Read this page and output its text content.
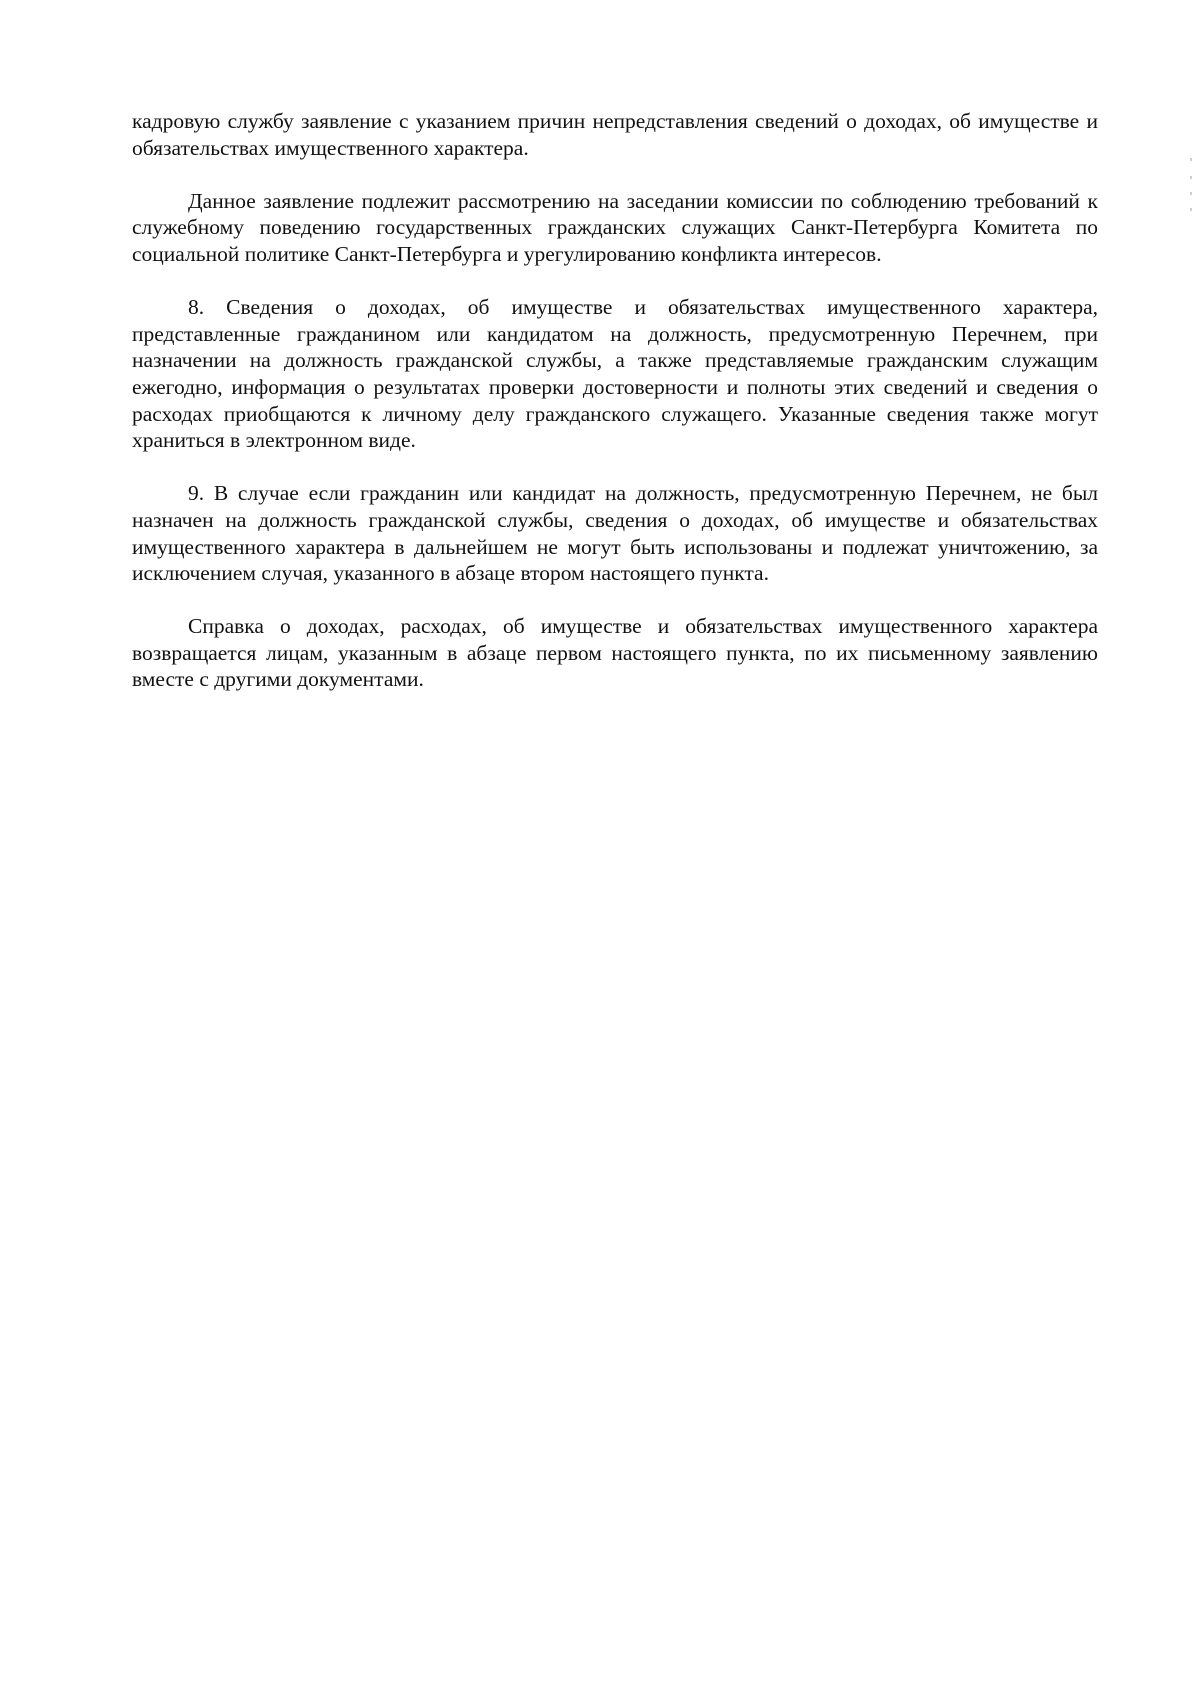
кадровую службу заявление с указанием причин непредставления сведений о доходах, об имуществе и обязательствах имущественного характера.

Данное заявление подлежит рассмотрению на заседании комиссии по соблюдению требований к служебному поведению государственных гражданских служащих Санкт-Петербурга Комитета по социальной политике Санкт-Петербурга и урегулированию конфликта интересов.

8. Сведения о доходах, об имуществе и обязательствах имущественного характера, представленные гражданином или кандидатом на должность, предусмотренную Перечнем, при назначении на должность гражданской службы, а также представляемые гражданским служащим ежегодно, информация о результатах проверки достоверности и полноты этих сведений и сведения о расходах приобщаются к личному делу гражданского служащего. Указанные сведения также могут храниться в электронном виде.

9. В случае если гражданин или кандидат на должность, предусмотренную Перечнем, не был назначен на должность гражданской службы, сведения о доходах, об имуществе и обязательствах имущественного характера в дальнейшем не могут быть использованы и подлежат уничтожению, за исключением случая, указанного в абзаце втором настоящего пункта.

Справка о доходах, расходах, об имуществе и обязательствах имущественного характера возвращается лицам, указанным в абзаце первом настоящего пункта, по их письменному заявлению вместе с другими документами.
